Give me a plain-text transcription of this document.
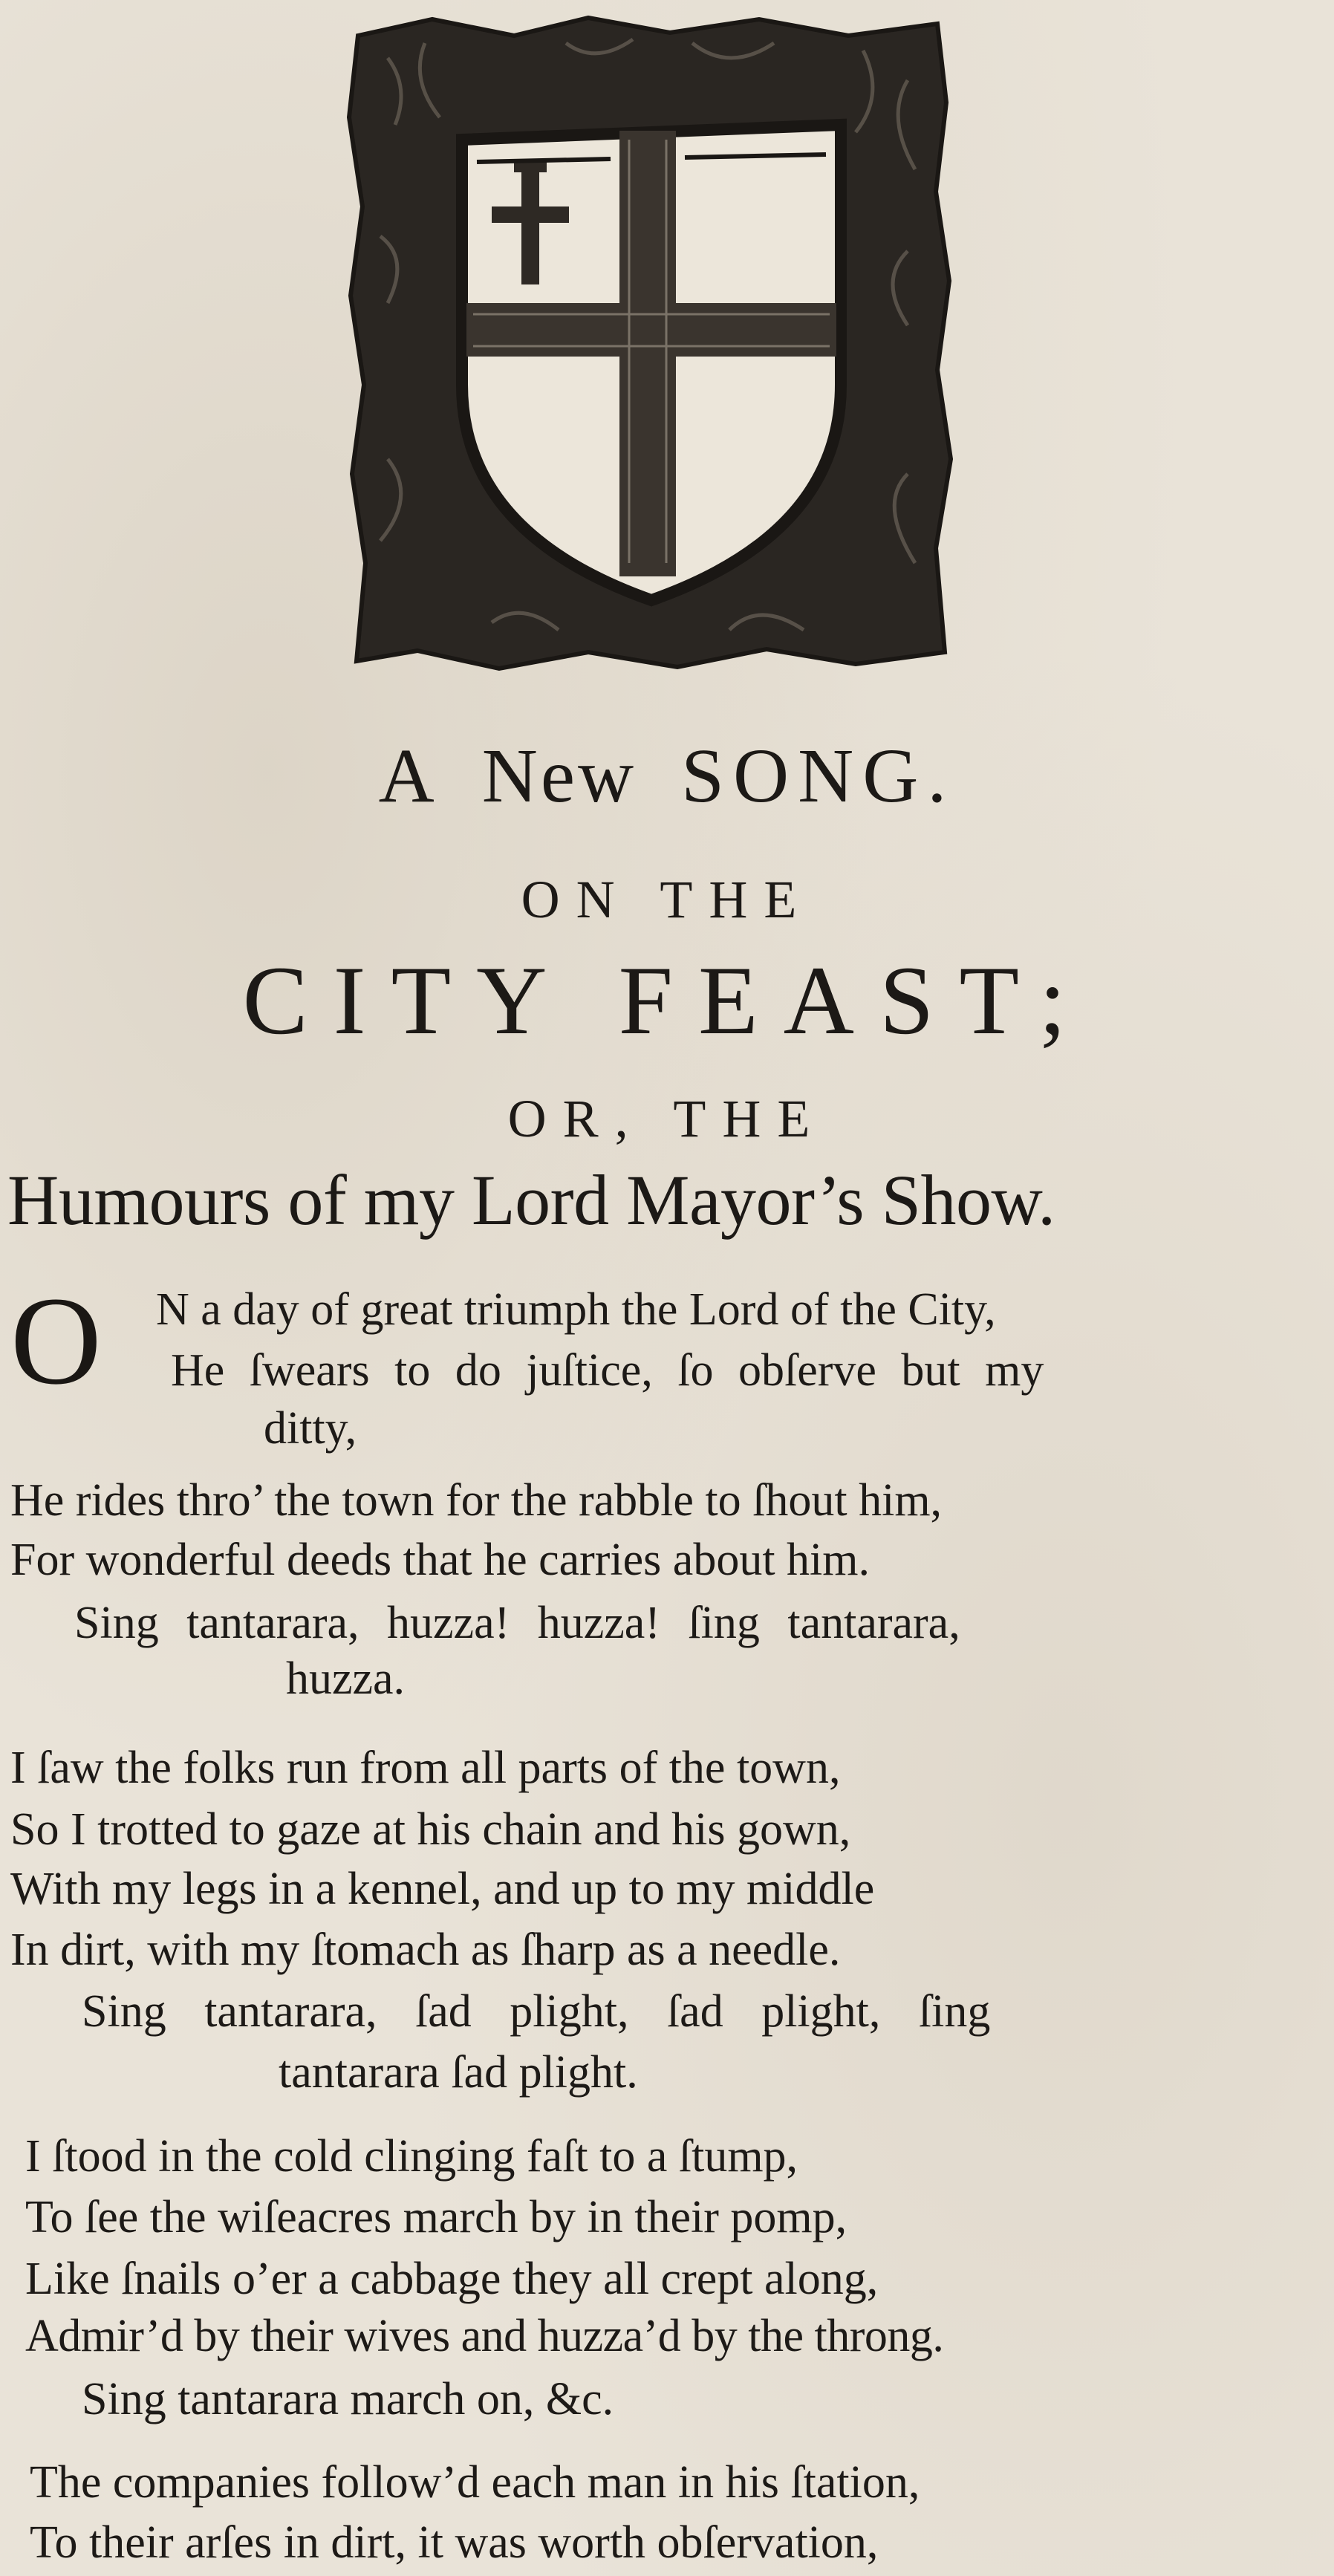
A New SONG.
ON THE
CITY FEAST;
OR, THE
Humours of my Lord Mayor’s Show.
O N a day of great triumph the Lord of the City,
He ſwears to do juſtice, ſo obſerve but my
ditty,
He rides thro’ the town for the rabble to ſhout him,
For wonderful deeds that he carries about him.
Sing tantarara, huzza! huzza! ſing tantarara,
huzza.
I ſaw the folks run from all parts of the town,
So I trotted to gaze at his chain and his gown,
With my legs in a kennel, and up to my middle
In dirt, with my ſtomach as ſharp as a needle.
Sing tantarara, ſad plight, ſad plight, ſing
tantarara ſad plight.
I ſtood in the cold clinging faſt to a ſtump,
To ſee the wiſeacres march by in their pomp,
Like ſnails o’er a cabbage they all crept along,
Admir’d by their wives and huzza’d by the throng.
Sing tantarara march on, &c.
The companies follow’d each man in his ſtation,
To their arſes in dirt, it was worth obſervation,
